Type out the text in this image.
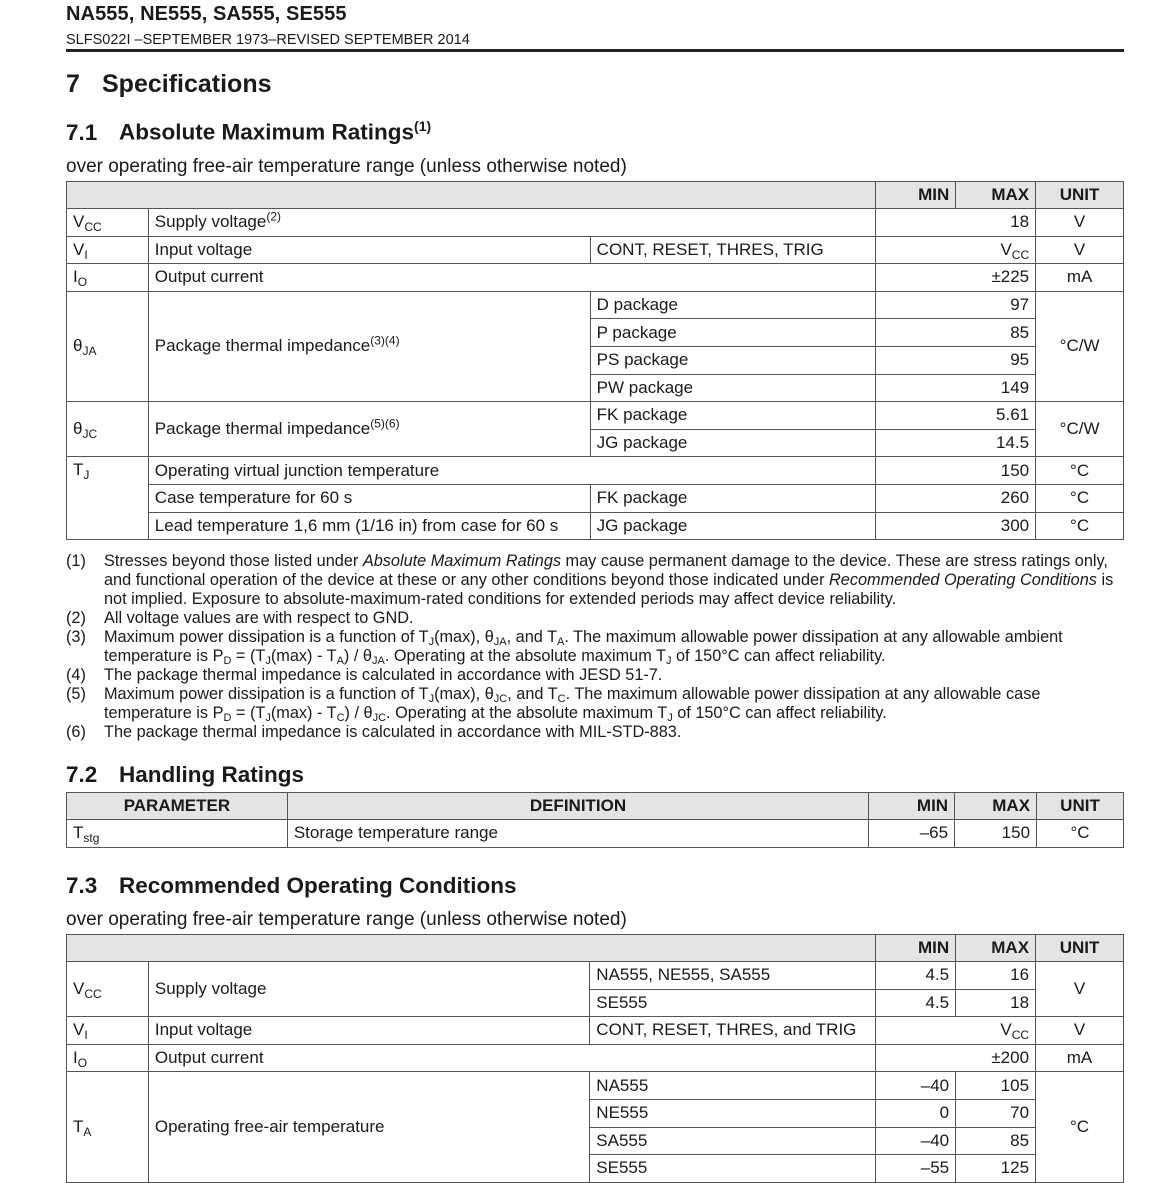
NA555, NE555, SA555, SE555
SLFS022I –SEPTEMBER 1973–REVISED SEPTEMBER 2014
7 Specifications
7.1 Absolute Maximum Ratings$^{(1)}$
over operating free-air temperature range (unless otherwise noted)
			MIN	MAX	UNIT
$V_{CC}$	Supply voltage$^{(2)}$			18	V
$V_I$	Input voltage	CONT, RESET, THRES, TRIG		$V_{CC}$	V
$I_O$	Output current			±225	mA
$\theta_{JA}$	Package thermal impedance$^{(3)(4)}$	D package		97	°C/W
		P package		85	
		PS package		95	
		PW package		149	
$\theta_{JC}$	Package thermal impedance$^{(5)(6)}$	FK package		5.61	°C/W
		JG package		14.5	
$T_J$	Operating virtual junction temperature			150	°C
	Case temperature for 60 s	FK package		260	°C
	Lead temperature 1,6 mm (1/16 in) from case for 60 s	JG package		300	°C
(1)	Stresses beyond those listed under Absolute Maximum Ratings may cause permanent damage to the device. These are stress ratings only, and functional operation of the device at these or any other conditions beyond those indicated under Recommended Operating Conditions is not implied. Exposure to absolute-maximum-rated conditions for extended periods may affect device reliability.
(2)	All voltage values are with respect to GND.
(3)	Maximum power dissipation is a function of $T_J(\max)$, $\theta_{JA}$, and $T_A$. The maximum allowable power dissipation at any allowable ambient temperature is $P_D = (T_J(\max) - T_A) / \theta_{JA}$. Operating at the absolute maximum $T_J$ of 150°C can affect reliability.
(4)	The package thermal impedance is calculated in accordance with JESD 51-7.
(5)	Maximum power dissipation is a function of $T_J(\max)$, $\theta_{JC}$, and $T_C$. The maximum allowable power dissipation at any allowable case temperature is $P_D = (T_J(\max) - T_C) / \theta_{JC}$. Operating at the absolute maximum $T_J$ of 150°C can affect reliability.
(6)	The package thermal impedance is calculated in accordance with MIL-STD-883.
7.2 Handling Ratings
PARAMETER	DEFINITION	MIN	MAX	UNIT
$T_{stg}$	Storage temperature range	–65	150	°C
7.3 Recommended Operating Conditions
over operating free-air temperature range (unless otherwise noted)
			MIN	MAX	UNIT
$V_{CC}$	Supply voltage	NA555, NE555, SA555	4.5	16	V
		SE555	4.5	18	
$V_I$	Input voltage	CONT, RESET, THRES, and TRIG		$V_{CC}$	V
$I_O$	Output current			±200	mA
$T_A$	Operating free-air temperature	NA555	–40	105	°C
		NE555	0	70	
		SA555	–40	85	
		SE555	–55	125	
